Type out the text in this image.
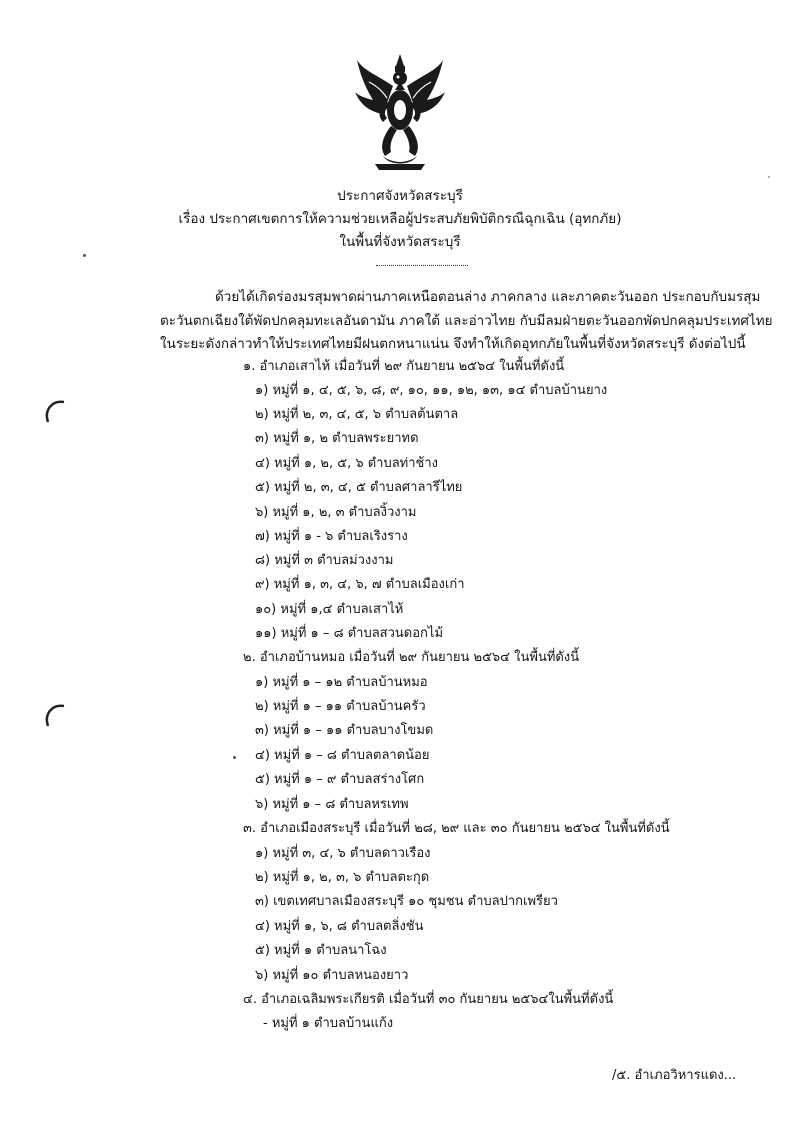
ประกาศจังหวัดสระบุรี
เรื่อง ประกาศเขตการให้ความช่วยเหลือผู้ประสบภัยพิบัติกรณีฉุกเฉิน (อุทกภัย)
ในพื้นที่จังหวัดสระบุรี
ด้วยได้เกิดร่องมรสุมพาดผ่านภาคเหนือตอนล่าง ภาคกลาง และภาคตะวันออก ประกอบกับมรสุม
ตะวันตกเฉียงใต้พัดปกคลุมทะเลอันดามัน ภาคใต้ และอ่าวไทย กับมีลมฝ่ายตะวันออกพัดปกคลุมประเทศไทย
ในระยะดังกล่าวทำให้ประเทศไทยมีฝนตกหนาแน่น จึงทำให้เกิดอุทกภัยในพื้นที่จังหวัดสระบุรี ดังต่อไปนี้
๑. อำเภอเสาไห้ เมื่อวันที่ ๒๙ กันยายน ๒๕๖๔ ในพื้นที่ดังนี้
๑) หมู่ที่ ๑, ๔, ๕, ๖, ๘, ๙, ๑๐, ๑๑, ๑๒, ๑๓, ๑๔ ตำบลบ้านยาง
๒) หมู่ที่ ๒, ๓, ๔, ๕, ๖ ตำบลต้นตาล
๓) หมู่ที่ ๑, ๒ ตำบลพระยาทด
๔) หมู่ที่ ๑, ๒, ๕, ๖ ตำบลท่าช้าง
๕) หมู่ที่ ๒, ๓, ๔, ๕ ตำบลศาลารีไทย
๖) หมู่ที่ ๑, ๒, ๓ ตำบลงิ้วงาม
๗) หมู่ที่ ๑ - ๖ ตำบลเริงราง
๘) หมู่ที่ ๓ ตำบลม่วงงาม
๙) หมู่ที่ ๑, ๓, ๔, ๖, ๗ ตำบลเมืองเก่า
๑๐) หมู่ที่ ๑,๔ ตำบลเสาไห้
๑๑) หมู่ที่ ๑ – ๘ ตำบลสวนดอกไม้
๒. อำเภอบ้านหมอ เมื่อวันที่ ๒๙ กันยายน ๒๕๖๔ ในพื้นที่ดังนี้
๑) หมู่ที่ ๑ – ๑๒ ตำบลบ้านหมอ
๒) หมู่ที่ ๑ – ๑๑ ตำบลบ้านครัว
๓) หมู่ที่ ๑ – ๑๑ ตำบลบางโขมด
๔) หมู่ที่ ๑ – ๘ ตำบลตลาดน้อย
๕) หมู่ที่ ๑ – ๙ ตำบลสร่างโศก
๖) หมู่ที่ ๑ – ๘ ตำบลหรเทพ
๓. อำเภอเมืองสระบุรี เมื่อวันที่ ๒๘, ๒๙ และ ๓๐ กันยายน ๒๕๖๔ ในพื้นที่ดังนี้
๑) หมู่ที่ ๓, ๔, ๖ ตำบลดาวเรือง
๒) หมู่ที่ ๑, ๒, ๓, ๖ ตำบลตะกุด
๓) เขตเทศบาลเมืองสระบุรี ๑๐ ชุมชน ตำบลปากเพรียว
๔) หมู่ที่ ๑, ๖, ๘ ตำบลตลิ่งชัน
๕) หมู่ที่ ๑ ตำบลนาโฉง
๖) หมู่ที่ ๑๐ ตำบลหนองยาว
๔. อำเภอเฉลิมพระเกียรติ เมื่อวันที่ ๓๐ กันยายน ๒๕๖๔ในพื้นที่ดังนี้
- หมู่ที่ ๑ ตำบลบ้านแก้ง
/๕. อำเภอวิหารแดง...
